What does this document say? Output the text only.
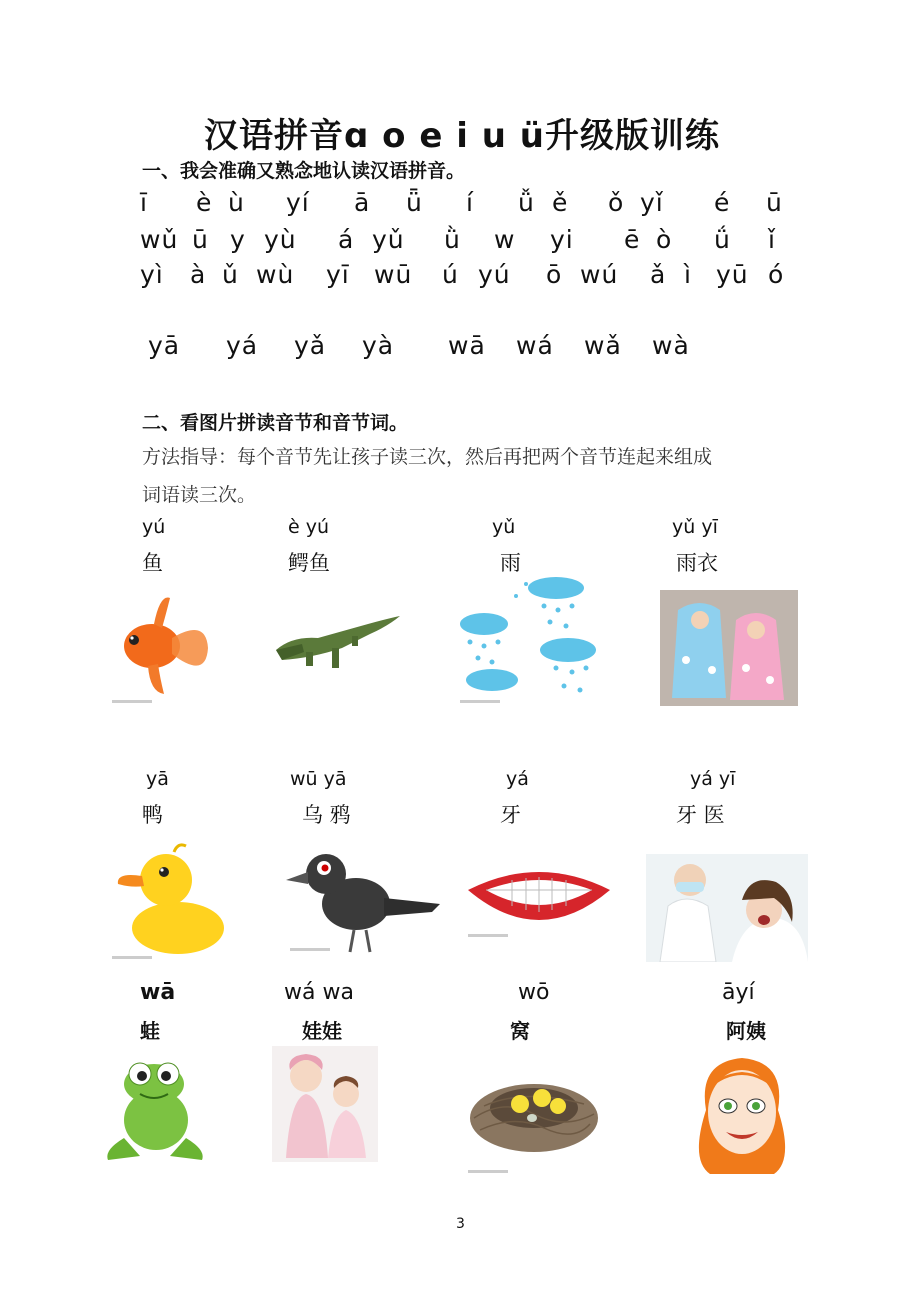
汉语拼音ɑ o e i u ü升级版训练
一、我会准确又熟念地认读汉语拼音。
ī è ù yí ā ǖ í ǚ ě ǒ yǐ é ū
wǔ ū y yù á yǔ ǜ w yi ē ò ǘ ǐ
yì à ǔ wù yī wū ú yú ō wú ǎ ì yū ó
yā yá yǎ yà wā wá wǎ wà
二、看图片拼读音节和音节词。
方法指导：每个音节先让孩子读三次，然后再把两个音节连起来组成
词语读三次。
yú
鱼
è yú
鳄鱼
yǔ
雨
yǔ yī
雨衣
yā
鸭
wū yā
乌 鸦
yá
牙
yá yī
牙 医
wā
蛙
wá wa
娃娃
wō
窝
āyí
阿姨
3
